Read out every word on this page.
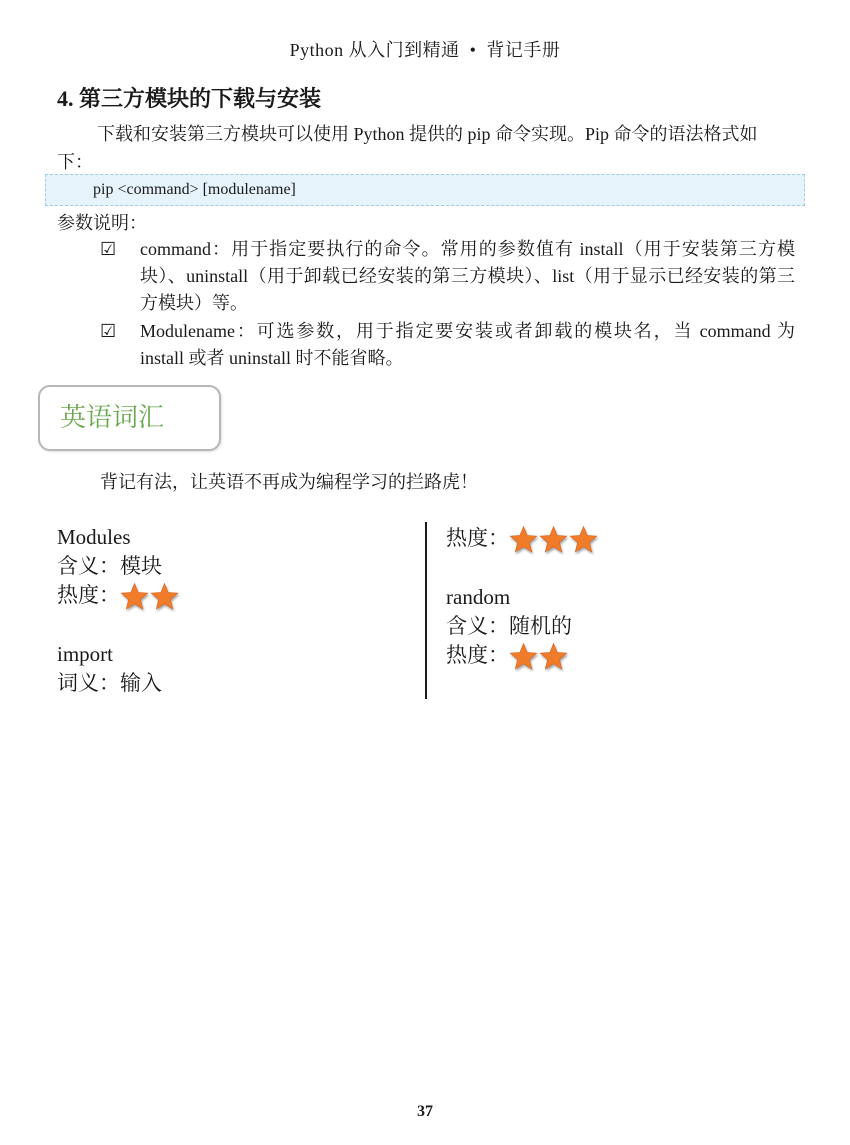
Python 从入门到精通 • 背记手册
4. 第三方模块的下载与安装
下载和安装第三方模块可以使用 Python 提供的 pip 命令实现。Pip 命令的语法格式如下：
pip <command> [modulename]
参数说明：
☑	command：用于指定要执行的命令。常用的参数值有 install（用于安装第三方模块）、uninstall（用于卸载已经安装的第三方模块）、list（用于显示已经安装的第三方模块）等。
☑	Modulename：可选参数，用于指定要安装或者卸载的模块名，当 command 为 install 或者 uninstall 时不能省略。
英语词汇
背记有法，让英语不再成为编程学习的拦路虎！
Modules
含义：模块
热度：
import
词义：输入
热度：
random
含义：随机的
热度：
37
